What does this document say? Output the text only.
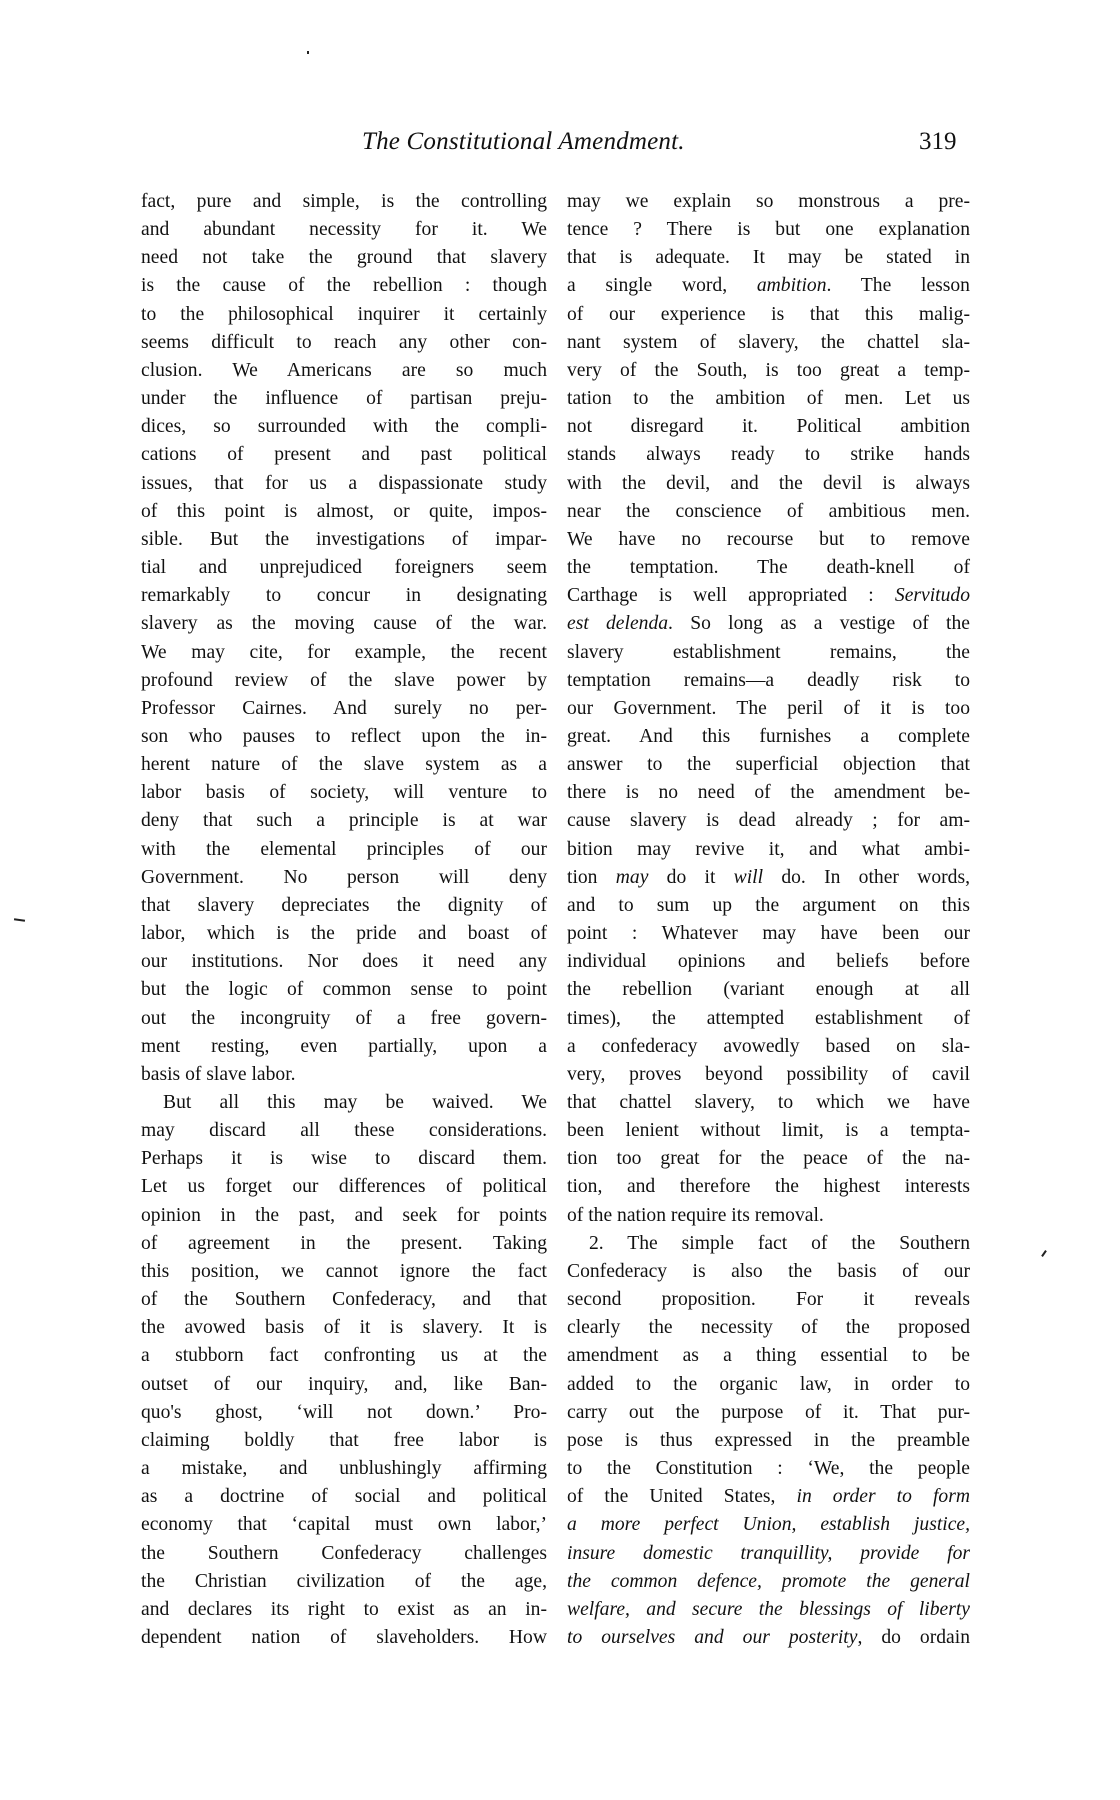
The Constitutional Amendment.	319
fact, pure and simple, is the controlling
and abundant necessity for it. We
need not take the ground that slavery
is the cause of the rebellion : though
to the philosophical inquirer it certainly
seems difficult to reach any other con-
clusion. We Americans are so much
under the influence of partisan preju-
dices, so surrounded with the compli-
cations of present and past political
issues, that for us a dispassionate study
of this point is almost, or quite, impos-
sible. But the investigations of impar-
tial and unprejudiced foreigners seem
remarkably to concur in designating
slavery as the moving cause of the war.
We may cite, for example, the recent
profound review of the slave power by
Professor Cairnes. And surely no per-
son who pauses to reflect upon the in-
herent nature of the slave system as a
labor basis of society, will venture to
deny that such a principle is at war
with the elemental principles of our
Government. No person will deny
that slavery depreciates the dignity of
labor, which is the pride and boast of
our institutions. Nor does it need any
but the logic of common sense to point
out the incongruity of a free govern-
ment resting, even partially, upon a
basis of slave labor.
But all this may be waived. We
may discard all these considerations.
Perhaps it is wise to discard them.
Let us forget our differences of political
opinion in the past, and seek for points
of agreement in the present. Taking
this position, we cannot ignore the fact
of the Southern Confederacy, and that
the avowed basis of it is slavery. It is
a stubborn fact confronting us at the
outset of our inquiry, and, like Ban-
quo's ghost, ‘will not down.’ Pro-
claiming boldly that free labor is
a mistake, and unblushingly affirming
as a doctrine of social and political
economy that ‘capital must own labor,’
the Southern Confederacy challenges
the Christian civilization of the age,
and declares its right to exist as an in-
dependent nation of slaveholders. How
may we explain so monstrous a pre-
tence ? There is but one explanation
that is adequate. It may be stated in
a single word, ambition. The lesson
of our experience is that this malig-
nant system of slavery, the chattel sla-
very of the South, is too great a temp-
tation to the ambition of men. Let us
not disregard it. Political ambition
stands always ready to strike hands
with the devil, and the devil is always
near the conscience of ambitious men.
We have no recourse but to remove
the temptation. The death-knell of
Carthage is well appropriated : Servitudo
est delenda. So long as a vestige of the
slavery establishment remains, the
temptation remains—a deadly risk to
our Government. The peril of it is too
great. And this furnishes a complete
answer to the superficial objection that
there is no need of the amendment be-
cause slavery is dead already ; for am-
bition may revive it, and what ambi-
tion may do it will do. In other words,
and to sum up the argument on this
point : Whatever may have been our
individual opinions and beliefs before
the rebellion (variant enough at all
times), the attempted establishment of
a confederacy avowedly based on sla-
very, proves beyond possibility of cavil
that chattel slavery, to which we have
been lenient without limit, is a tempta-
tion too great for the peace of the na-
tion, and therefore the highest interests
of the nation require its removal.
2. The simple fact of the Southern
Confederacy is also the basis of our
second proposition. For it reveals
clearly the necessity of the proposed
amendment as a thing essential to be
added to the organic law, in order to
carry out the purpose of it. That pur-
pose is thus expressed in the preamble
to the Constitution : ‘We, the people
of the United States, in order to form
a more perfect Union, establish justice,
insure domestic tranquillity, provide for
the common defence, promote the general
welfare, and secure the blessings of liberty
to ourselves and our posterity, do ordain
